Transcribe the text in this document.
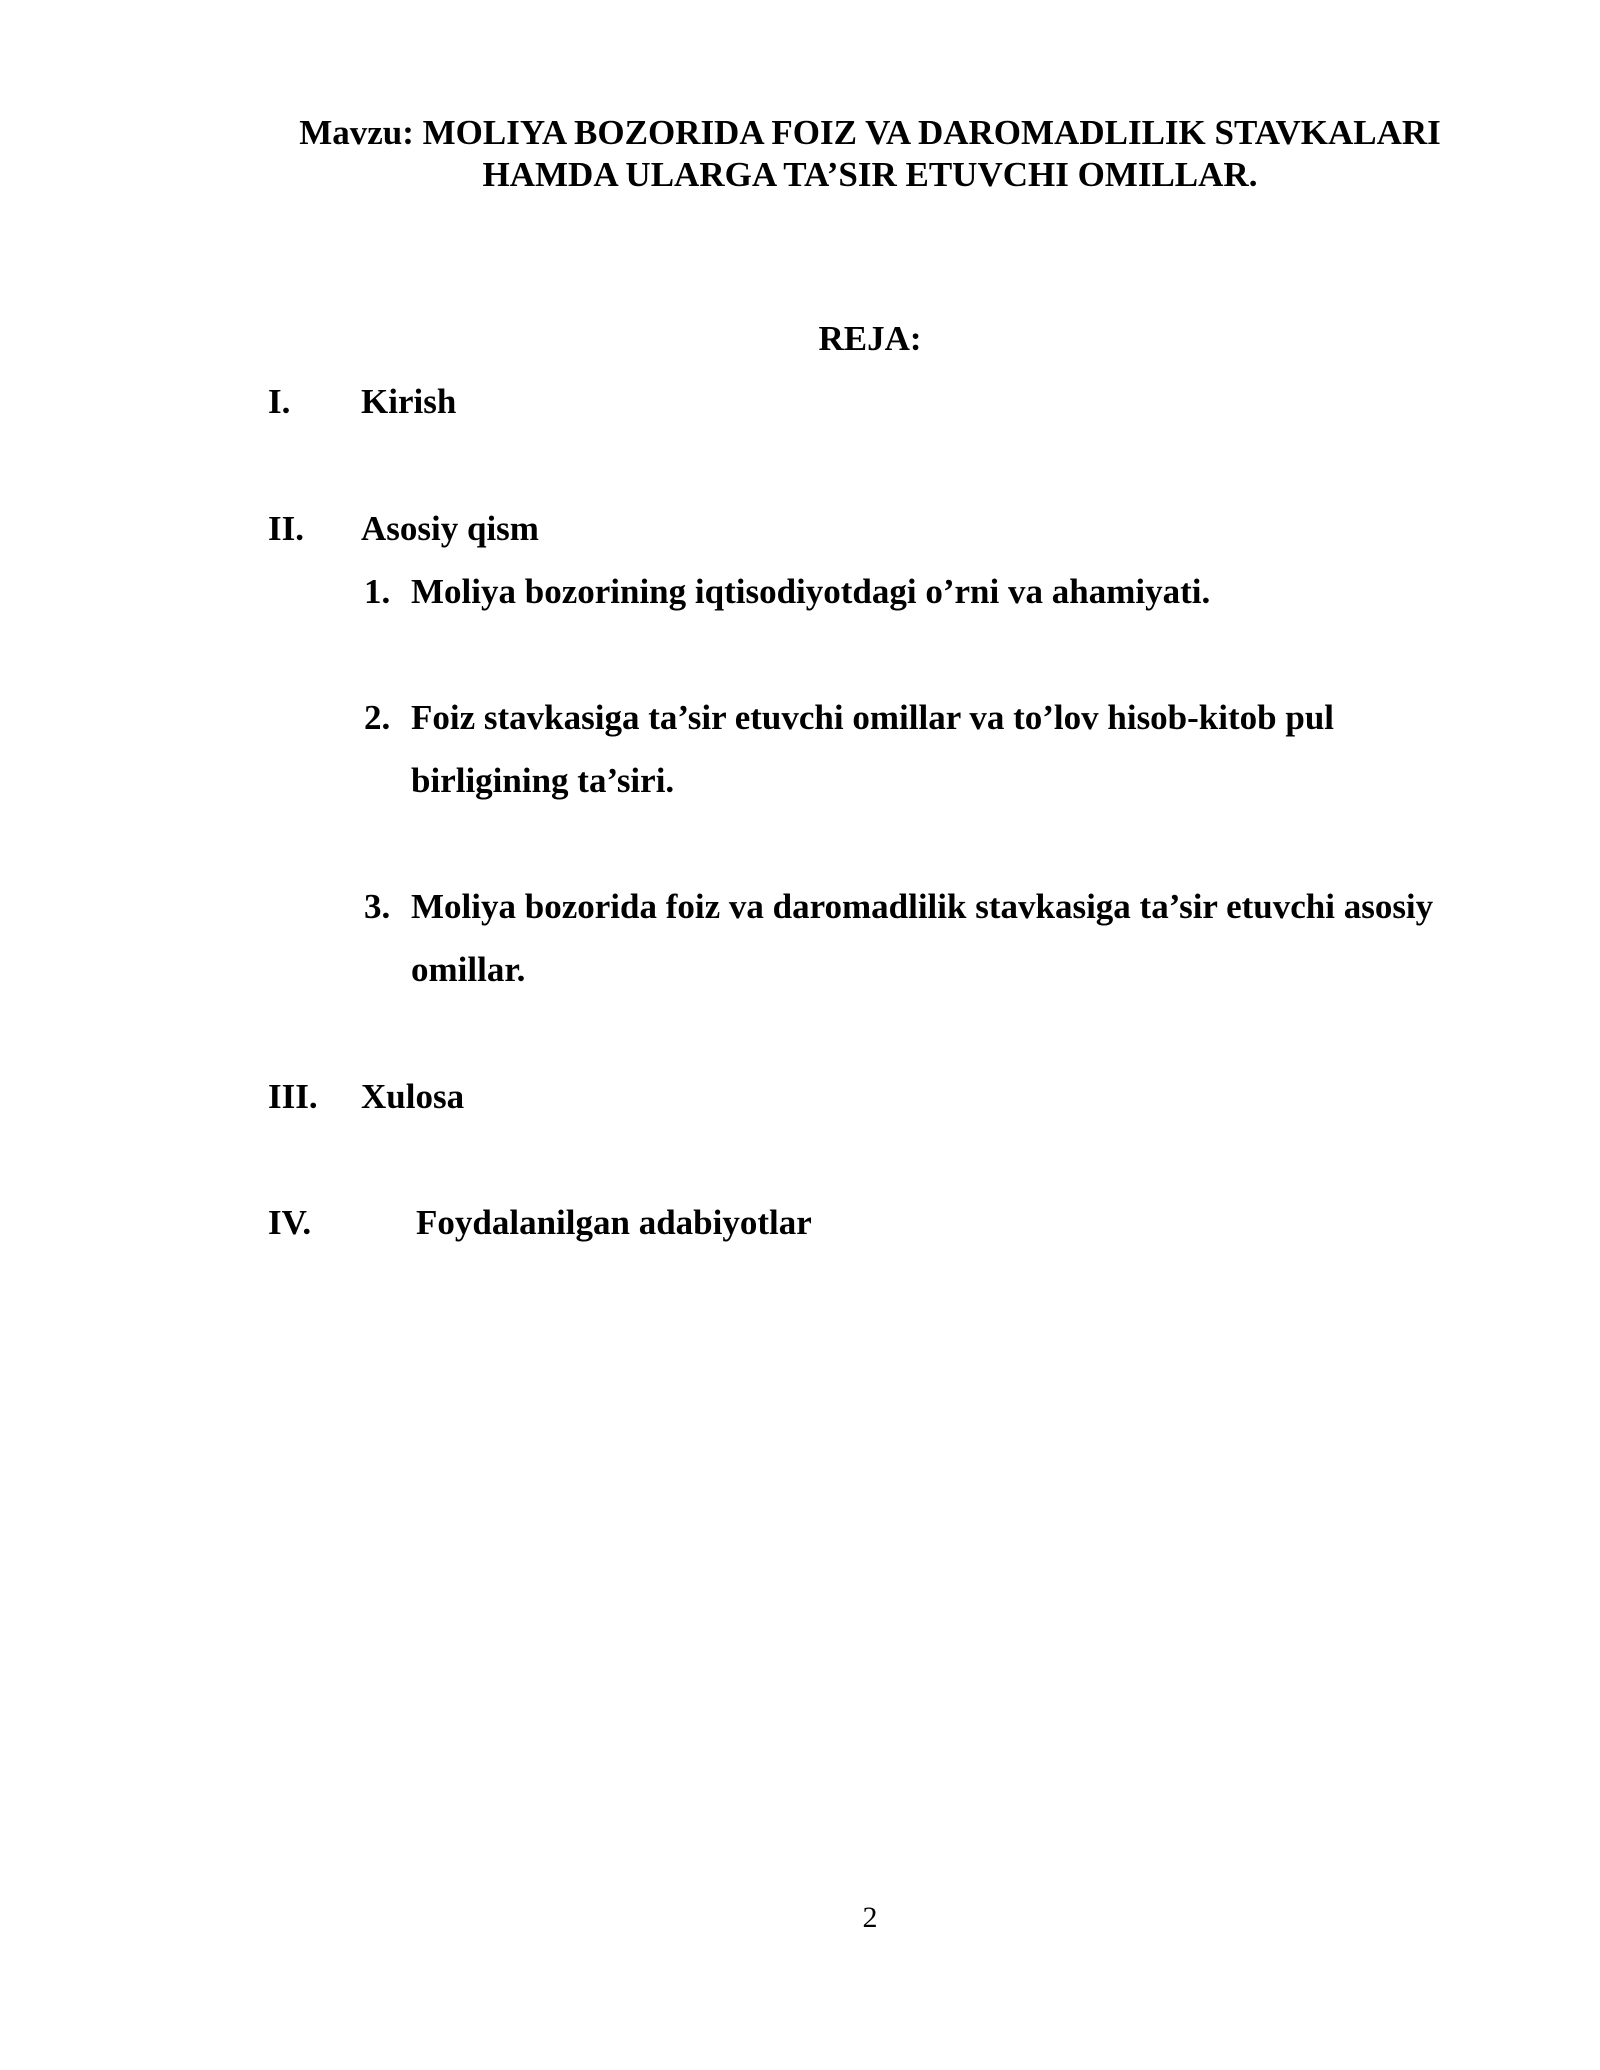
Mavzu: MOLIYA BOZORIDA FOIZ VA DAROMADLILIK STAVKALARI
HAMDA ULARGA TA’SIR ETUVCHI OMILLAR.
REJA:
I. Kirish
II. Asosiy qism
1. Moliya bozorining iqtisodiyotdagi o’rni va ahamiyati.
2. Foiz stavkasiga ta’sir etuvchi omillar va to’lov hisob-kitob pul birligining ta’siri.
3. Moliya bozorida foiz va daromadlilik stavkasiga ta’sir etuvchi asosiy omillar.
III. Xulosa
IV.	Foydalanilgan adabiyotlar
2
